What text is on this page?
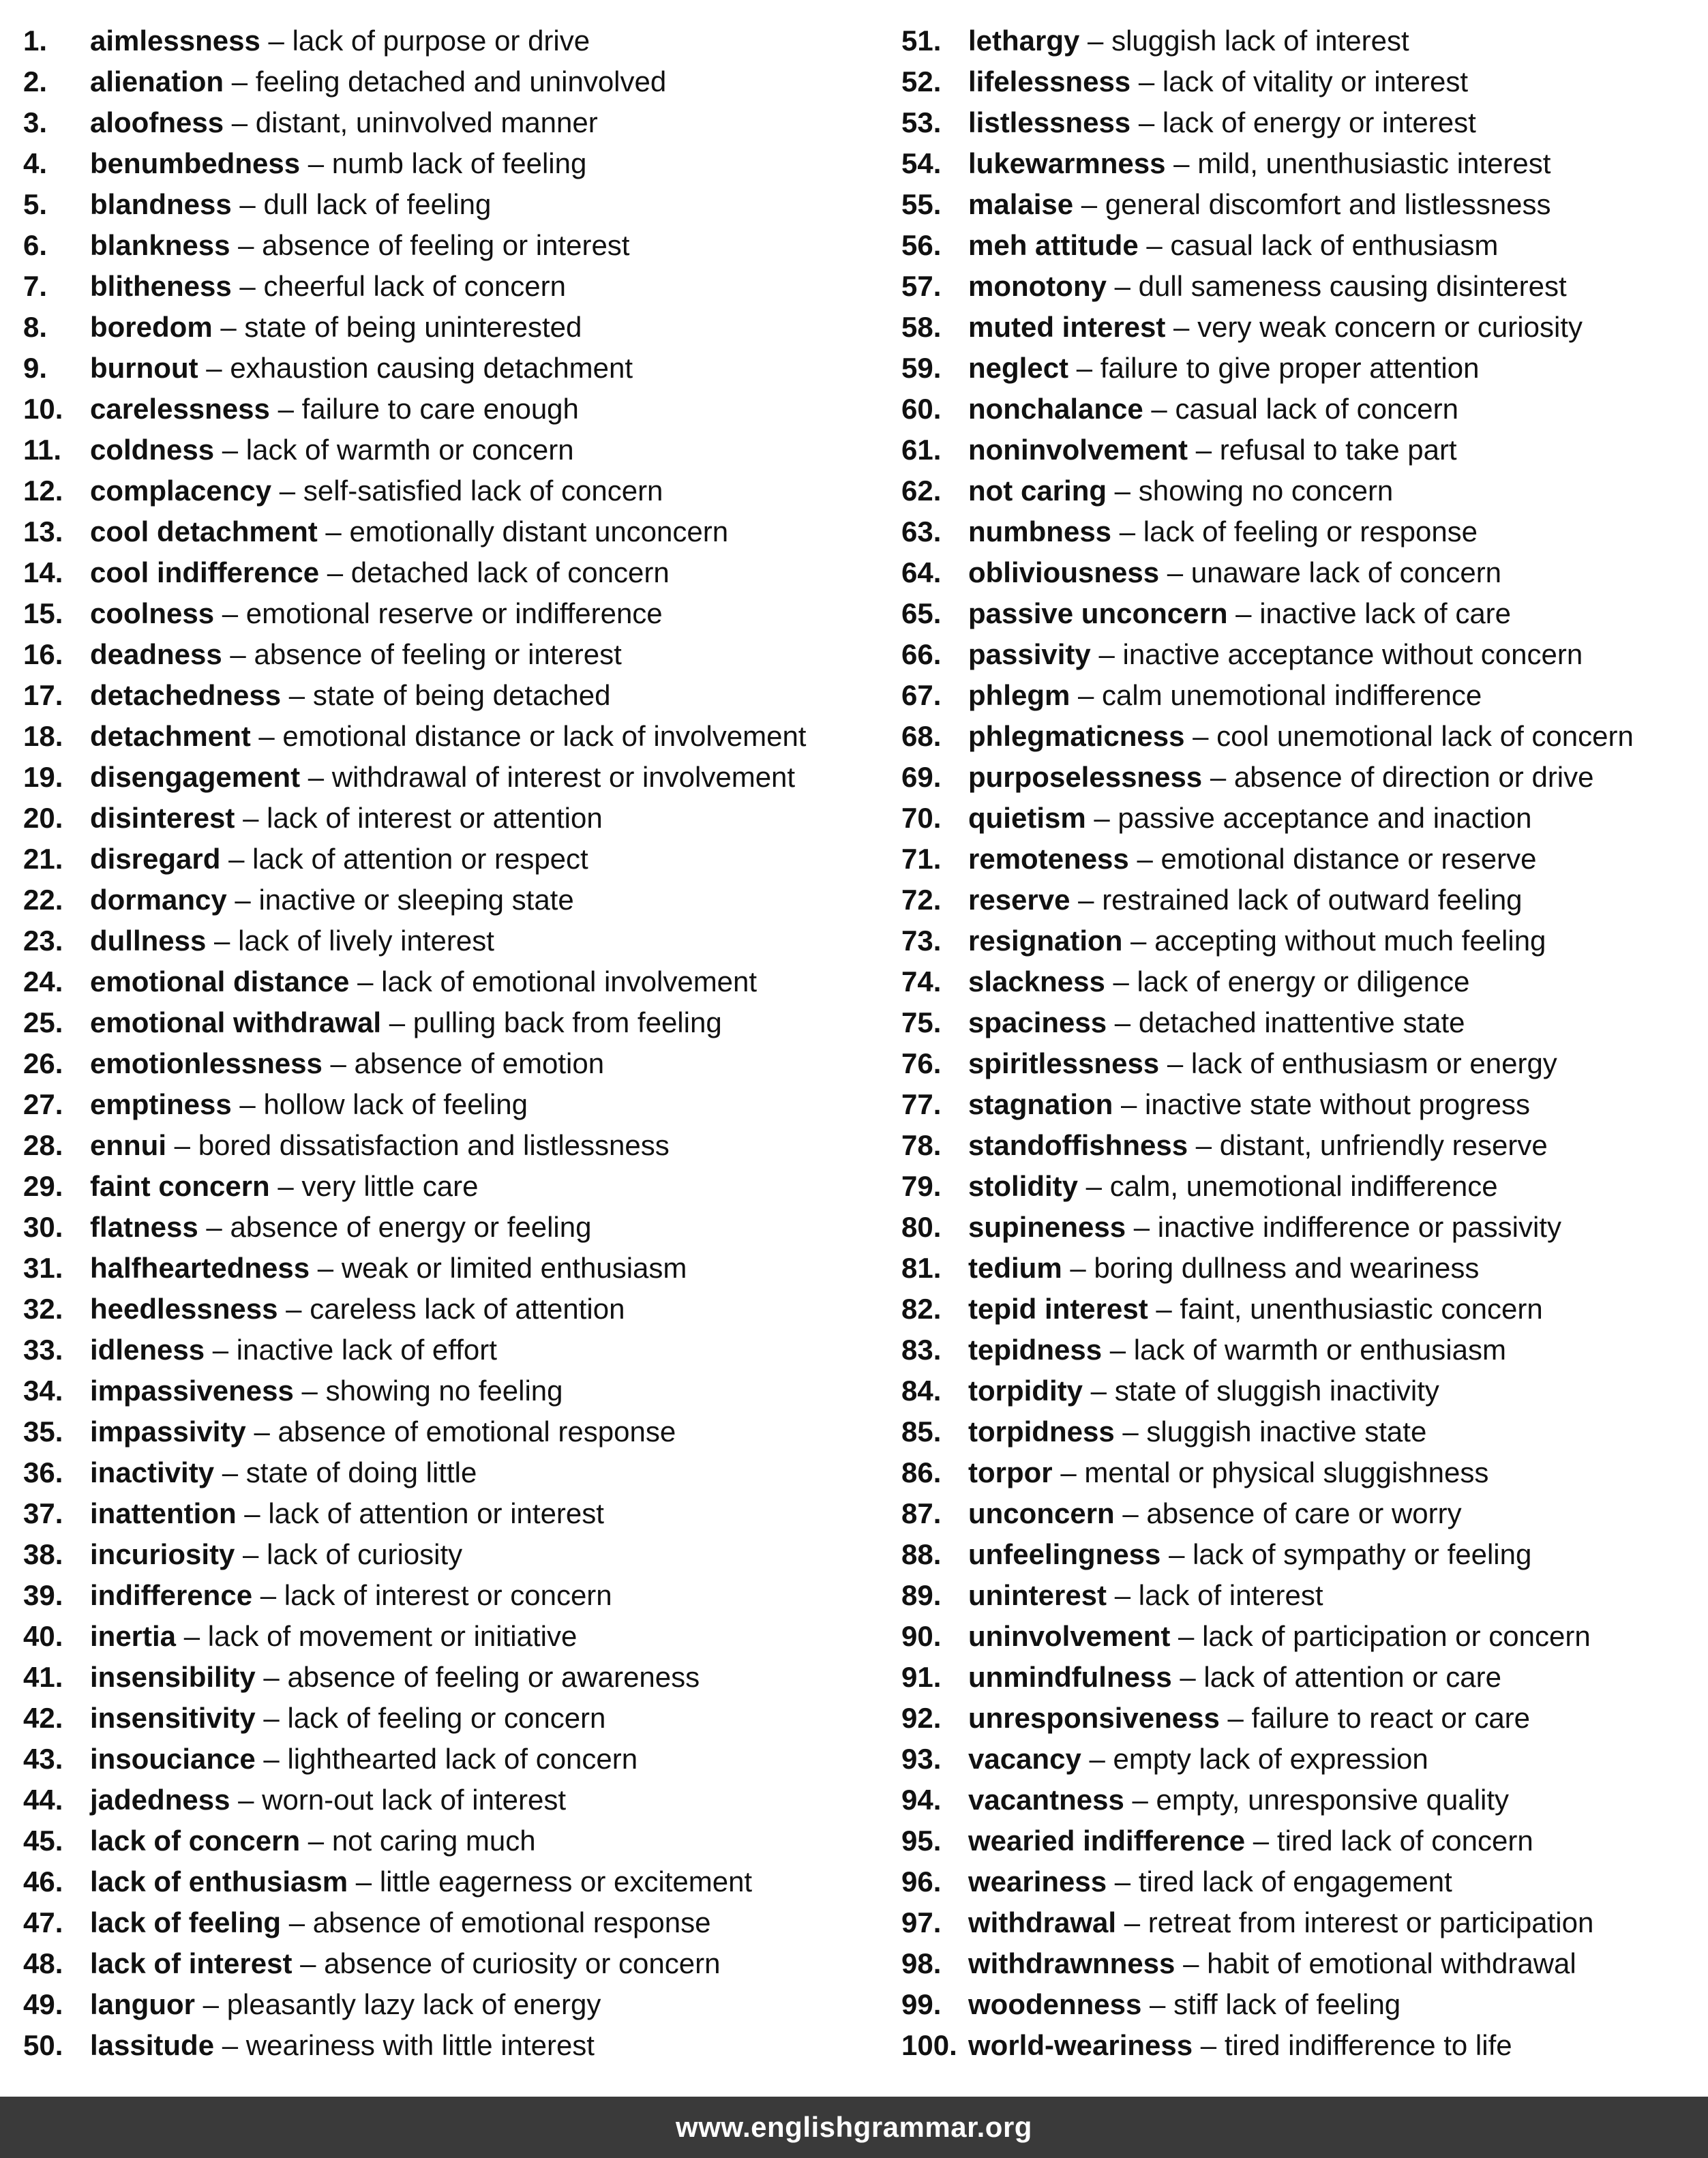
1.	aimlessness – lack of purpose or drive
2.	alienation – feeling detached and uninvolved
3.	aloofness – distant, uninvolved manner
4.	benumbedness – numb lack of feeling
5.	blandness – dull lack of feeling
6.	blankness – absence of feeling or interest
7.	blitheness – cheerful lack of concern
8.	boredom – state of being uninterested
9.	burnout – exhaustion causing detachment
10. carelessness – failure to care enough
11. coldness – lack of warmth or concern
12. complacency – self-satisfied lack of concern
13. cool detachment – emotionally distant unconcern
14. cool indifference – detached lack of concern
15. coolness – emotional reserve or indifference
16. deadness – absence of feeling or interest
17. detachedness – state of being detached
18. detachment – emotional distance or lack of involvement
19. disengagement – withdrawal of interest or involvement
20. disinterest – lack of interest or attention
21. disregard – lack of attention or respect
22. dormancy – inactive or sleeping state
23. dullness – lack of lively interest
24. emotional distance – lack of emotional involvement
25. emotional withdrawal – pulling back from feeling
26. emotionlessness – absence of emotion
27. emptiness – hollow lack of feeling
28. ennui – bored dissatisfaction and listlessness
29. faint concern – very little care
30. flatness – absence of energy or feeling
31. halfheartedness – weak or limited enthusiasm
32. heedlessness – careless lack of attention
33. idleness – inactive lack of effort
34. impassiveness – showing no feeling
35. impassivity – absence of emotional response
36. inactivity – state of doing little
37. inattention – lack of attention or interest
38. incuriosity – lack of curiosity
39. indifference – lack of interest or concern
40. inertia – lack of movement or initiative
41. insensibility – absence of feeling or awareness
42. insensitivity – lack of feeling or concern
43. insouciance – lighthearted lack of concern
44. jadedness – worn-out lack of interest
45. lack of concern – not caring much
46. lack of enthusiasm – little eagerness or excitement
47. lack of feeling – absence of emotional response
48. lack of interest – absence of curiosity or concern
49. languor – pleasantly lazy lack of energy
50. lassitude – weariness with little interest
51. lethargy – sluggish lack of interest
52. lifelessness – lack of vitality or interest
53. listlessness – lack of energy or interest
54. lukewarmness – mild, unenthusiastic interest
55. malaise – general discomfort and listlessness
56. meh attitude – casual lack of enthusiasm
57. monotony – dull sameness causing disinterest
58. muted interest – very weak concern or curiosity
59. neglect – failure to give proper attention
60. nonchalance – casual lack of concern
61. noninvolvement – refusal to take part
62. not caring – showing no concern
63. numbness – lack of feeling or response
64. obliviousness – unaware lack of concern
65. passive unconcern – inactive lack of care
66. passivity – inactive acceptance without concern
67. phlegm – calm unemotional indifference
68. phlegmaticness – cool unemotional lack of concern
69. purposelessness – absence of direction or drive
70. quietism – passive acceptance and inaction
71. remoteness – emotional distance or reserve
72. reserve – restrained lack of outward feeling
73. resignation – accepting without much feeling
74. slackness – lack of energy or diligence
75. spaciness – detached inattentive state
76. spiritlessness – lack of enthusiasm or energy
77. stagnation – inactive state without progress
78. standoffishness – distant, unfriendly reserve
79. stolidity – calm, unemotional indifference
80. supineness – inactive indifference or passivity
81. tedium – boring dullness and weariness
82. tepid interest – faint, unenthusiastic concern
83. tepidness – lack of warmth or enthusiasm
84. torpidity – state of sluggish inactivity
85. torpidness – sluggish inactive state
86. torpor – mental or physical sluggishness
87. unconcern – absence of care or worry
88. unfeelingness – lack of sympathy or feeling
89. uninterest – lack of interest
90. uninvolvement – lack of participation or concern
91. unmindfulness – lack of attention or care
92. unresponsiveness – failure to react or care
93. vacancy – empty lack of expression
94. vacantness – empty, unresponsive quality
95. wearied indifference – tired lack of concern
96. weariness – tired lack of engagement
97. withdrawal – retreat from interest or participation
98. withdrawnness – habit of emotional withdrawal
99. woodenness – stiff lack of feeling
100. world-weariness – tired indifference to life
www.englishgrammar.org
